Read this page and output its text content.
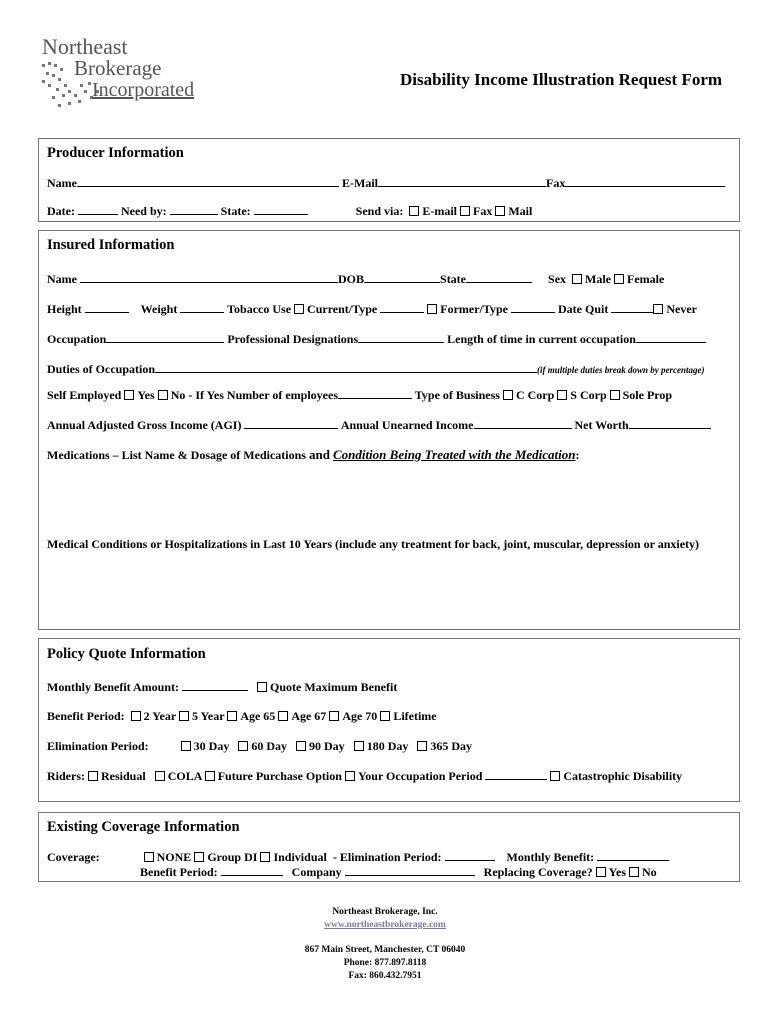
Northeast
Brokerage
Incorporated	Disability Income Illustration Request Form
Producer Information
Name	E-Mail	Fax
Date:	Need by:	State:	Send via: E-mail Fax Mail
Insured Information
Name	DOB	State	Sex Male Female
Height	Weight	Tobacco Use Current/Type	Former/Type	Date Quit	Never
Occupation	Professional Designations	Length of time in current occupation
Duties of Occupation	(if multiple duties break down by percentage)
Self Employed Yes No - If Yes Number of employees	Type of Business C Corp S Corp Sole Prop
Annual Adjusted Gross Income (AGI)	Annual Unearned Income	Net Worth
Medications – List Name & Dosage of Medications and Condition Being Treated with the Medication:
Medical Conditions or Hospitalizations in Last 10 Years (include any treatment for back, joint, muscular, depression or anxiety)
Policy Quote Information
Monthly Benefit Amount:	Quote Maximum Benefit
Benefit Period: 2 Year 5 Year Age 65 Age 67 Age 70 Lifetime
Elimination Period:	30 Day 60 Day 90 Day 180 Day 365 Day
Riders: Residual COLA Future Purchase Option Your Occupation Period	Catastrophic Disability
Existing Coverage Information
Coverage:	NONE Group DI Individual - Elimination Period:	Monthly Benefit:
Benefit Period:	Company	Replacing Coverage? Yes No
Northeast Brokerage, Inc.
www.northeastbrokerage.com
867 Main Street, Manchester, CT 06040
Phone: 877.897.8118
Fax: 860.432.7951
